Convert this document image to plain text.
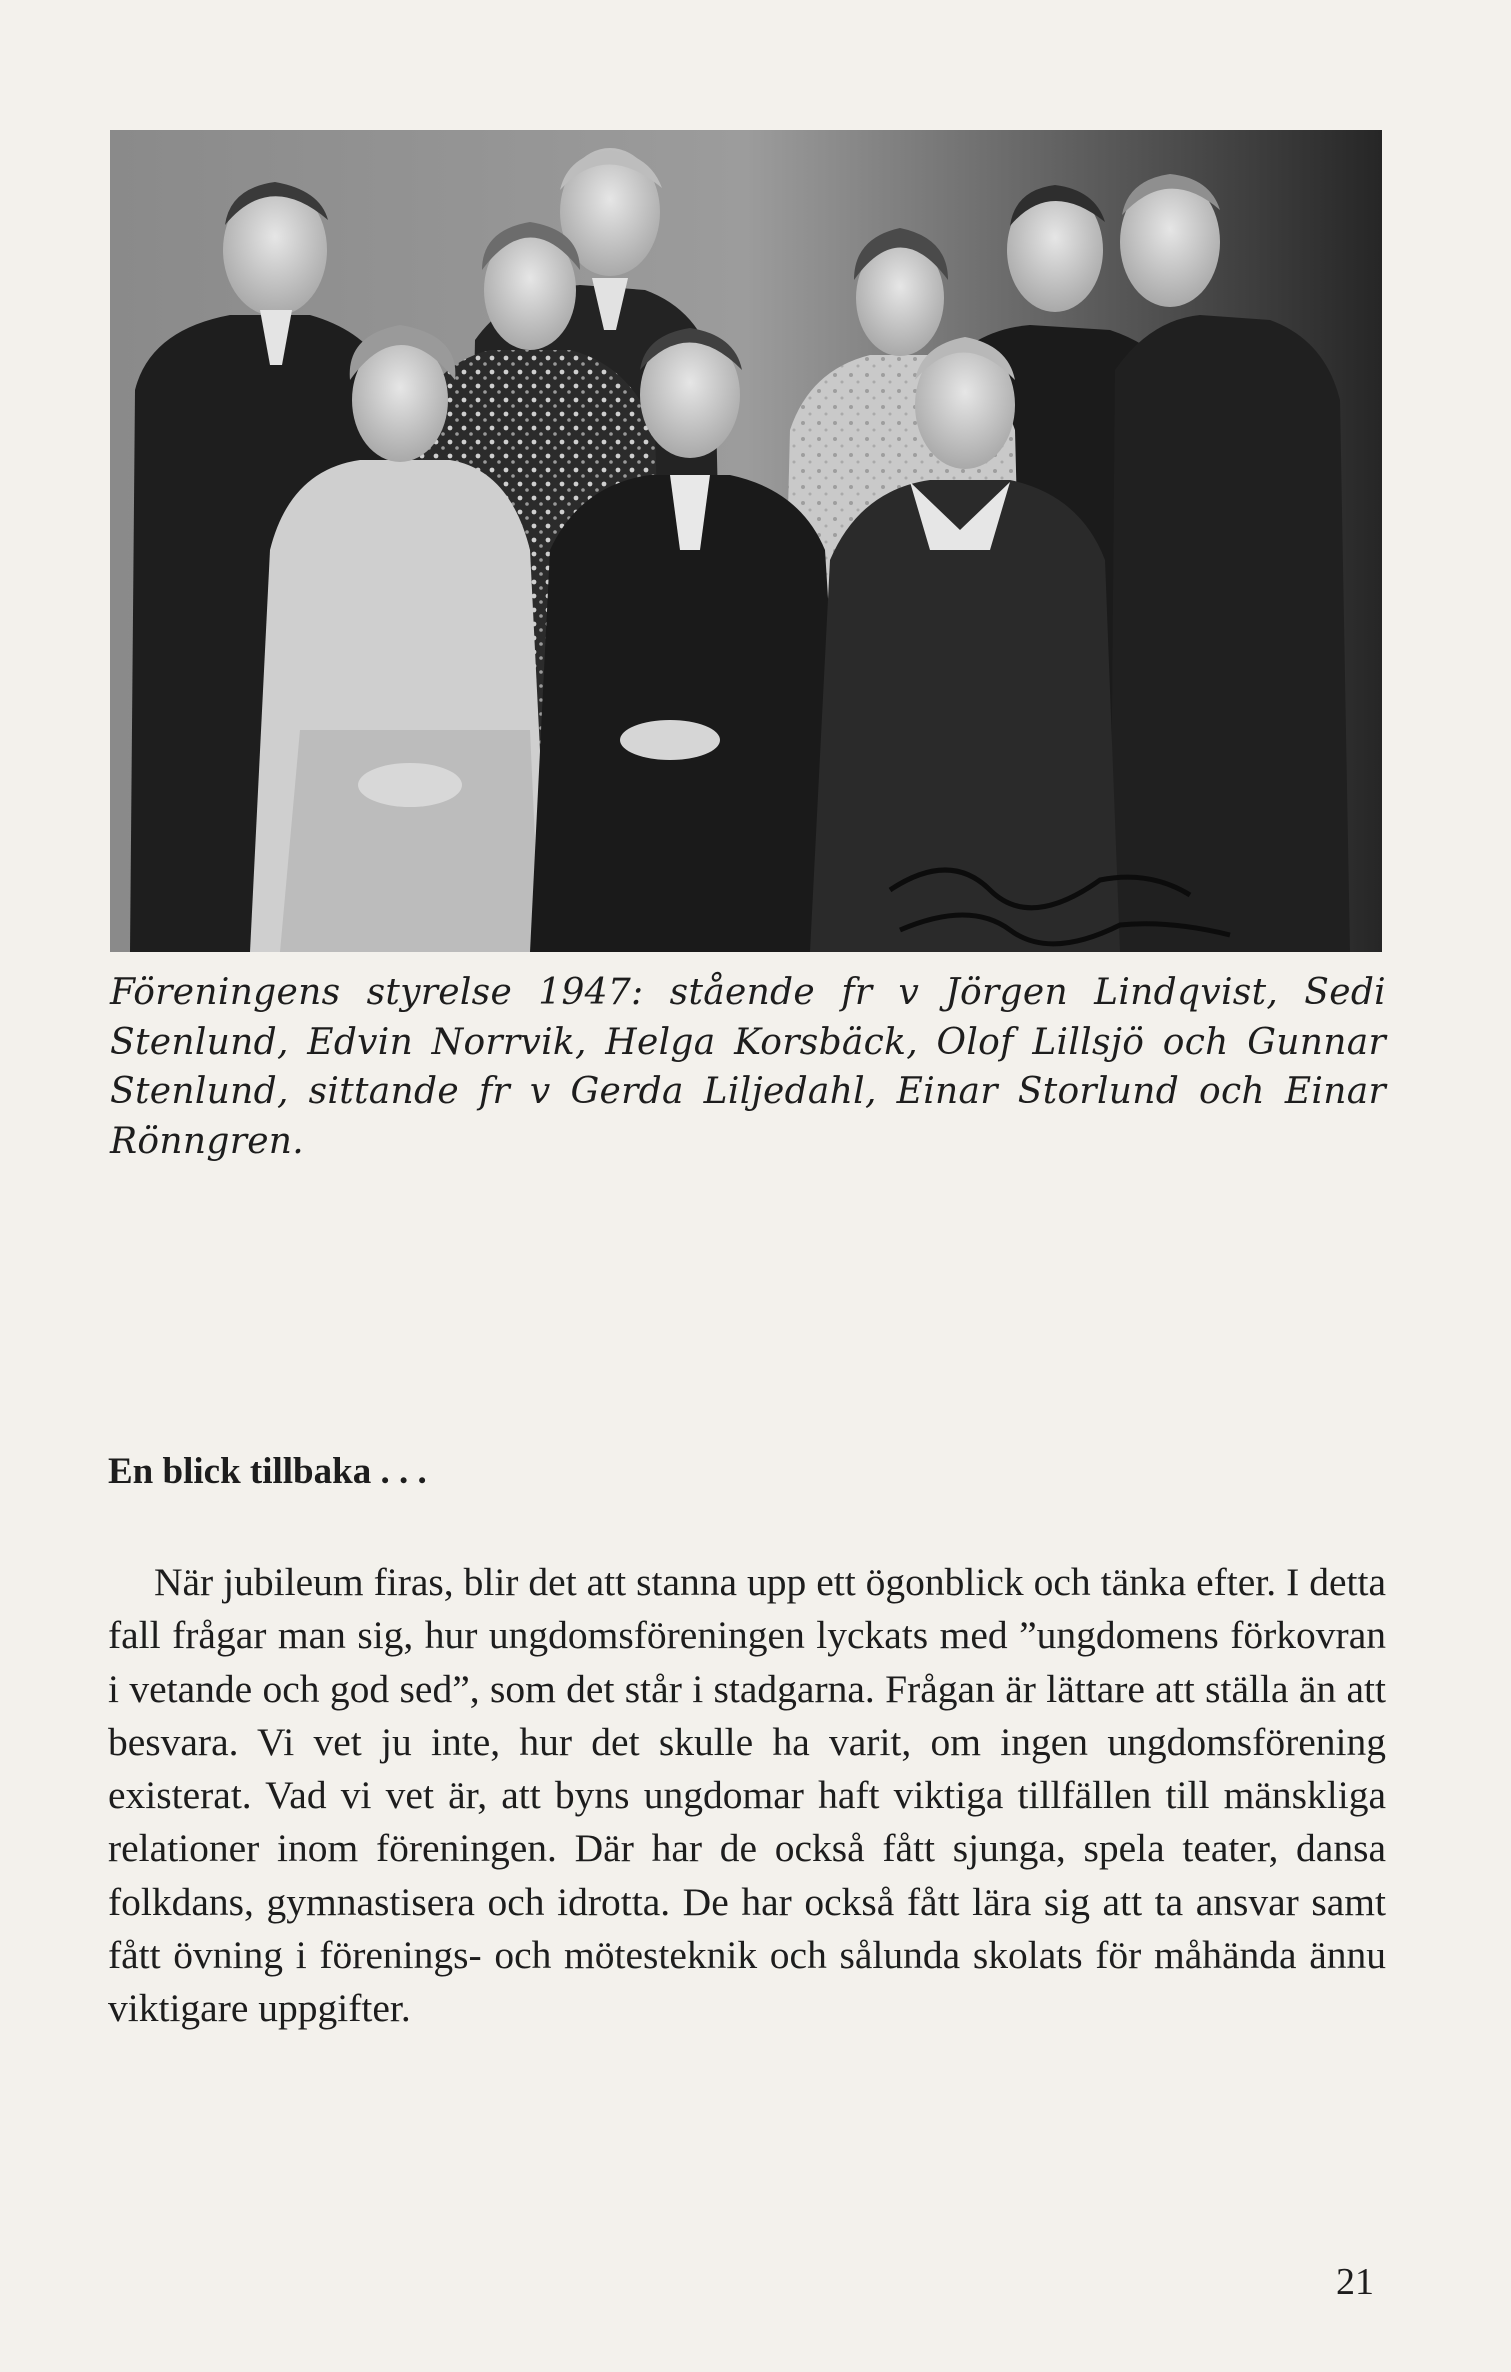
Föreningens styrelse 1947: stående fr v Jörgen Lindqvist, Sedi Stenlund, Edvin Norrvik, Helga Korsbäck, Olof Lillsjö och Gunnar Stenlund, sittande fr v Gerda Liljedahl, Einar Storlund och Einar Rönngren.

En blick tillbaka . . .

När jubileum firas, blir det att stanna upp ett ögonblick och tänka efter. I detta fall frågar man sig, hur ungdomsföreningen lyckats med ”ungdomens förkovran i vetande och god sed”, som det står i stadgarna. Frågan är lättare att ställa än att besvara. Vi vet ju inte, hur det skulle ha varit, om ingen ungdomsförening existerat. Vad vi vet är, att byns ungdomar haft viktiga tillfällen till mänskliga relationer inom föreningen. Där har de också fått sjunga, spela teater, dansa folkdans, gymnastisera och idrotta. De har också fått lära sig att ta ansvar samt fått övning i förenings- och mötesteknik och sålunda skolats för måhända ännu viktigare uppgifter.

21
